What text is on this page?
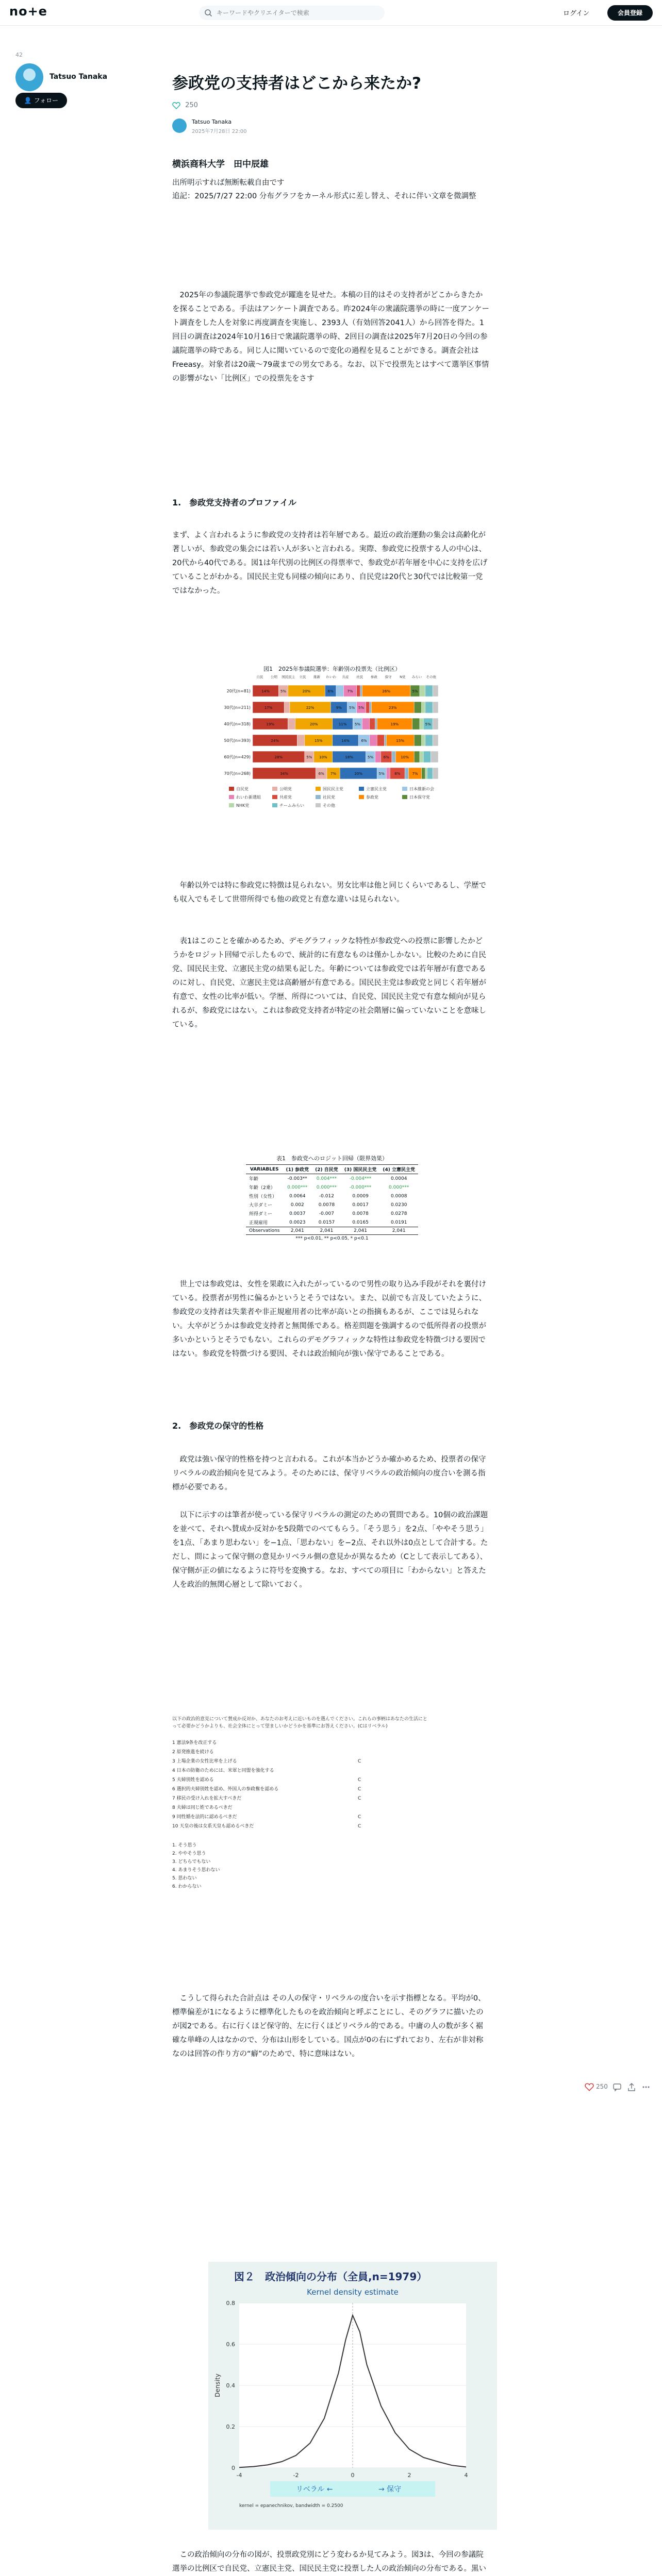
no+e
キーワードやクリエイターで検索	ログイン	会員登録
42
Tatsuo Tanaka
👤 フォロー
参政党の支持者はどこから来たか?
250
Tatsuo Tanaka
2025年7月28日 22:00
横浜商科大学　田中辰雄
出所明示すれば無断転載自由です
追記：2025/7/27 22:00 分布グラフをカーネル形式に差し替え、それに伴い文章を微調整
2025年の参議院選挙で参政党が躍進を見せた。本稿の目的はその支持者がどこからきたかを探ることである。手法はアンケート調査である。昨2024年の衆議院選挙の時に一度アンケート調査をした人を対象に再度調査を実施し、2393人（有効回答2041人）から回答を得た。1回目の調査は2024年10月16日で衆議院選挙の時、2回目の調査は2025年7月20日の今回の参議院選挙の時である。同じ人に聞いているので変化の過程を見ることができる。調査会社はFreeasy。対象者は20歳〜79歳までの男女である。なお、以下で投票先とはすべて選挙区事情の影響がない「比例区」での投票先をさす
1.　参政党支持者のプロファイル
まず、よく言われるように参政党の支持者は若年層である。最近の政治運動の集会は高齢化が著しいが、参政党の集会には若い人が多いと言われる。実際、参政党に投票する人の中心は、20代から40代である。図1は年代別の比例区の得票率で、参政党が若年層を中心に支持を広げていることがわかる。国民民主党も同様の傾向にあり、自民党は20代と30代では比較第一党ではなかった。
図1　2025年参議院選挙：年齢別の投票先（比例区）
自民 公明 国民民主 立民 維新 れいわ 共産 社民 参政 保守 N党 みらい その他
20代(n=81)	14%	5%	20%	6%	7%	26%	5%
30代(n=211)	17%	22%	9% 5% 5%	23%
40代(n=318)	19%	20%	11% 5%	19%	5%
50代(n=393)	24%	15%	14%	6%	15%
60代(n=429)	28%	5% 10%	18%	5%	6%	10%
70代(n=268)	34%	6% 7%	20%	5%	8%	7%
自民党	公明党	国民民主党	立憲民主党	日本維新の会
れいわ新選組	共産党	社民党	参政党	日本保守党
NHK党	チームみらい	その他
年齢以外では特に参政党に特徴は見られない。男女比率は他と同じくらいであるし、学歴でも収入でもそして世帯所得でも他の政党と有意な違いは見られない。
表1はこのことを確かめるため、デモグラフィックな特性が参政党への投票に影響したかどうかをロジット回帰で示したもので、統計的に有意なものは僅かしかない。比較のために自民党、国民民主党、立憲民主党の結果も記した。年齢については参政党では若年層が有意であるのに対し、自民党、立憲民主党は高齢層が有意である。国民民主党は参政党と同じく若年層が有意で、女性の比率が低い。学歴、所得については、自民党、国民民主党で有意な傾向が見られるが、参政党にはない。これは参政党支持者が特定の社会階層に偏っていないことを意味している。
表1　参政党へのロジット回帰（限界効果）
VARIABLES	(1) 参政党	(2) 自民党	(3) 国民民主党	(4) 立憲民主党
年齢	-0.003**	0.004***	-0.004***	0.0004
年齢（2乗）	0.000***	0.000***	-0.000***	0.000***
性別（女性）	0.0064	-0.012	0.0009	0.0008
大卒ダミー	0.002	0.0078	0.0017	0.0230
所得ダミー	0.0037	-0.007	0.0078	0.0278
正規雇用	0.0023	0.0157	0.0165	0.0191
Observations	2,041	2,041	2,041	2,041
*** p<0.01, ** p<0.05, * p<0.1
世上では参政党は、女性を果敢に入れたがっているので男性の取り込み手段がそれを裏付けている。投票者が男性に偏るかというとそうではない。また、以前でも言及していたように、参政党の支持者は失業者や非正規雇用者の比率が高いとの指摘もあるが、ここでは見られない。大卒がどうかは参政党支持者と無関係である。格差問題を強調するので低所得者の投票が多いかというとそうでもない。これらのデモグラフィックな特性は参政党を特徴づける要因ではない。参政党を特徴づける要因、それは政治傾向が強い保守であることである。
2.　参政党の保守的性格
政党は強い保守的性格を持つと言われる。これが本当かどうか確かめるため、投票者の保守リベラルの政治傾向を見てみよう。そのためには、保守リベラルの政治傾向の度合いを測る指標が必要である。
以下に示すのは筆者が使っている保守リベラルの測定のための質問である。10個の政治課題を並べて、それへ賛成か反対かを5段階でのべてもらう。「そう思う」を2点、「ややそう思う」を1点、「あまり思わない」を−1点、「思わない」を−2点、それ以外は0点として合計する。ただし、問によって保守側の意見かリベラル側の意見かが異なるため（Cとして表示してある）、保守側が正の値になるように符号を変換する。なお、すべての項目に「わからない」と答えた人を政治的無関心層として除いておく。
以下の政治的意見について賛成か反対か、あなたのお考えに近いものを選んでください。これらの事柄はあなたの生活にとって必要かどうかよりも、社会全体にとって望ましいかどうかを基準にお答えください。(Cはリベラル)
1 憲法9条を改正する
2 原発推進を続ける
3 上場企業の女性比率を上げる	C
4 日本の防衛のためには、米軍と同盟を強化する
5 夫婦別姓を認める	C
6 選択的夫婦別姓を認め、外国人の参政権を認める	C
7 移民の受け入れを拡大すべきだ	C
8 夫婦は同じ姓であるべきだ
9 同性婚を法的に認めるべきだ	C
10 天皇の後は女系天皇も認めるべきだ	C
1. そう思う
2. ややそう思う
3. どちらでもない
4. あまりそう思わない
5. 思わない
6. わからない
こうして得られた合計点は その人の保守・リベラルの度合いを示す指標となる。平均が0、標準偏差が1になるように標準化したものを政治傾向と呼ぶことにし、そのグラフに描いたのが図2である。右に行くほど保守的、左に行くほどリベラル的である。中庸の人の数が多く裾確な単峰の人はなかので、分布は山形をしている。国点が0の右にずれており、左右が非対称なのは回答の作り方の“癖”のためで、特に意味はない。
0
0.2
0.4
0.6
0.8
-4	-2	0	2	4
図２　政治傾向の分布（全員,n=1979）
Kernel density estimate
Density
リベラル ←	→ 保守
kernel = epanechnikov, bandwidth = 0.2500
この政治傾向の分布の図が、投票政党別にどう変わるか見てみよう。図3は、今回の参議院選挙の比例区で自民党、立憲民主党、国民民主党に投票した人の政治傾向の分布である。黒い
250
